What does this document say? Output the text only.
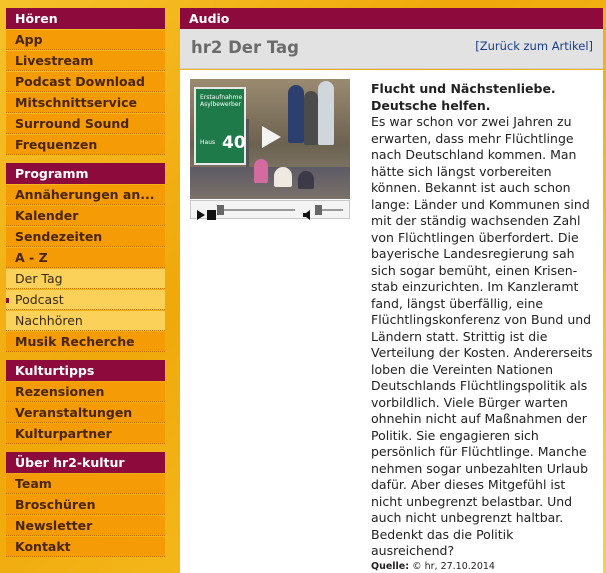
Hören
App
Livestream
Podcast Download
Mitschnittservice
Surround Sound
Frequenzen
Programm
Annäherungen an...
Kalender
Sendezeiten
A - Z
Der Tag
Podcast
Nachhören
Musik Recherche
Kulturtipps
Rezensionen
Veranstaltungen
Kulturpartner
Über hr2-kultur
Team
Broschüren
Newsletter
Kontakt
Audio
hr2 Der Tag	[Zurück zum Artikel]
Erstaufnahme
Asylbewerber
Haus 40
Flucht und Nächstenliebe. Deutsche helfen.
Es war schon vor zwei Jahren zu erwarten, dass mehr Flüchtlinge nach Deutschland kommen. Man hätte sich längst vorbereiten können. Bekannt ist auch schon lange: Länder und Kommunen sind mit der ständig wachsenden Zahl von Flüchtlingen überfordert. Die bayerische Landesregierung sah sich sogar bemüht, einen Krisen-stab einzurichten. Im Kanzleramt fand, längst überfällig, eine Flüchtlingskonferenz von Bund und Ländern statt. Strittig ist die Verteilung der Kosten. Andererseits loben die Vereinten Nationen Deutschlands Flüchtlingspolitik als vorbildlich. Viele Bürger warten ohnehin nicht auf Maßnahmen der Politik. Sie engagieren sich persönlich für Flüchtlinge. Manche nehmen sogar unbezahlten Urlaub dafür. Aber dieses Mitgefühl ist nicht unbegrenzt belastbar. Und auch nicht unbegrenzt haltbar. Bedenkt das die Politik ausreichend?
Quelle: © hr, 27.10.2014
